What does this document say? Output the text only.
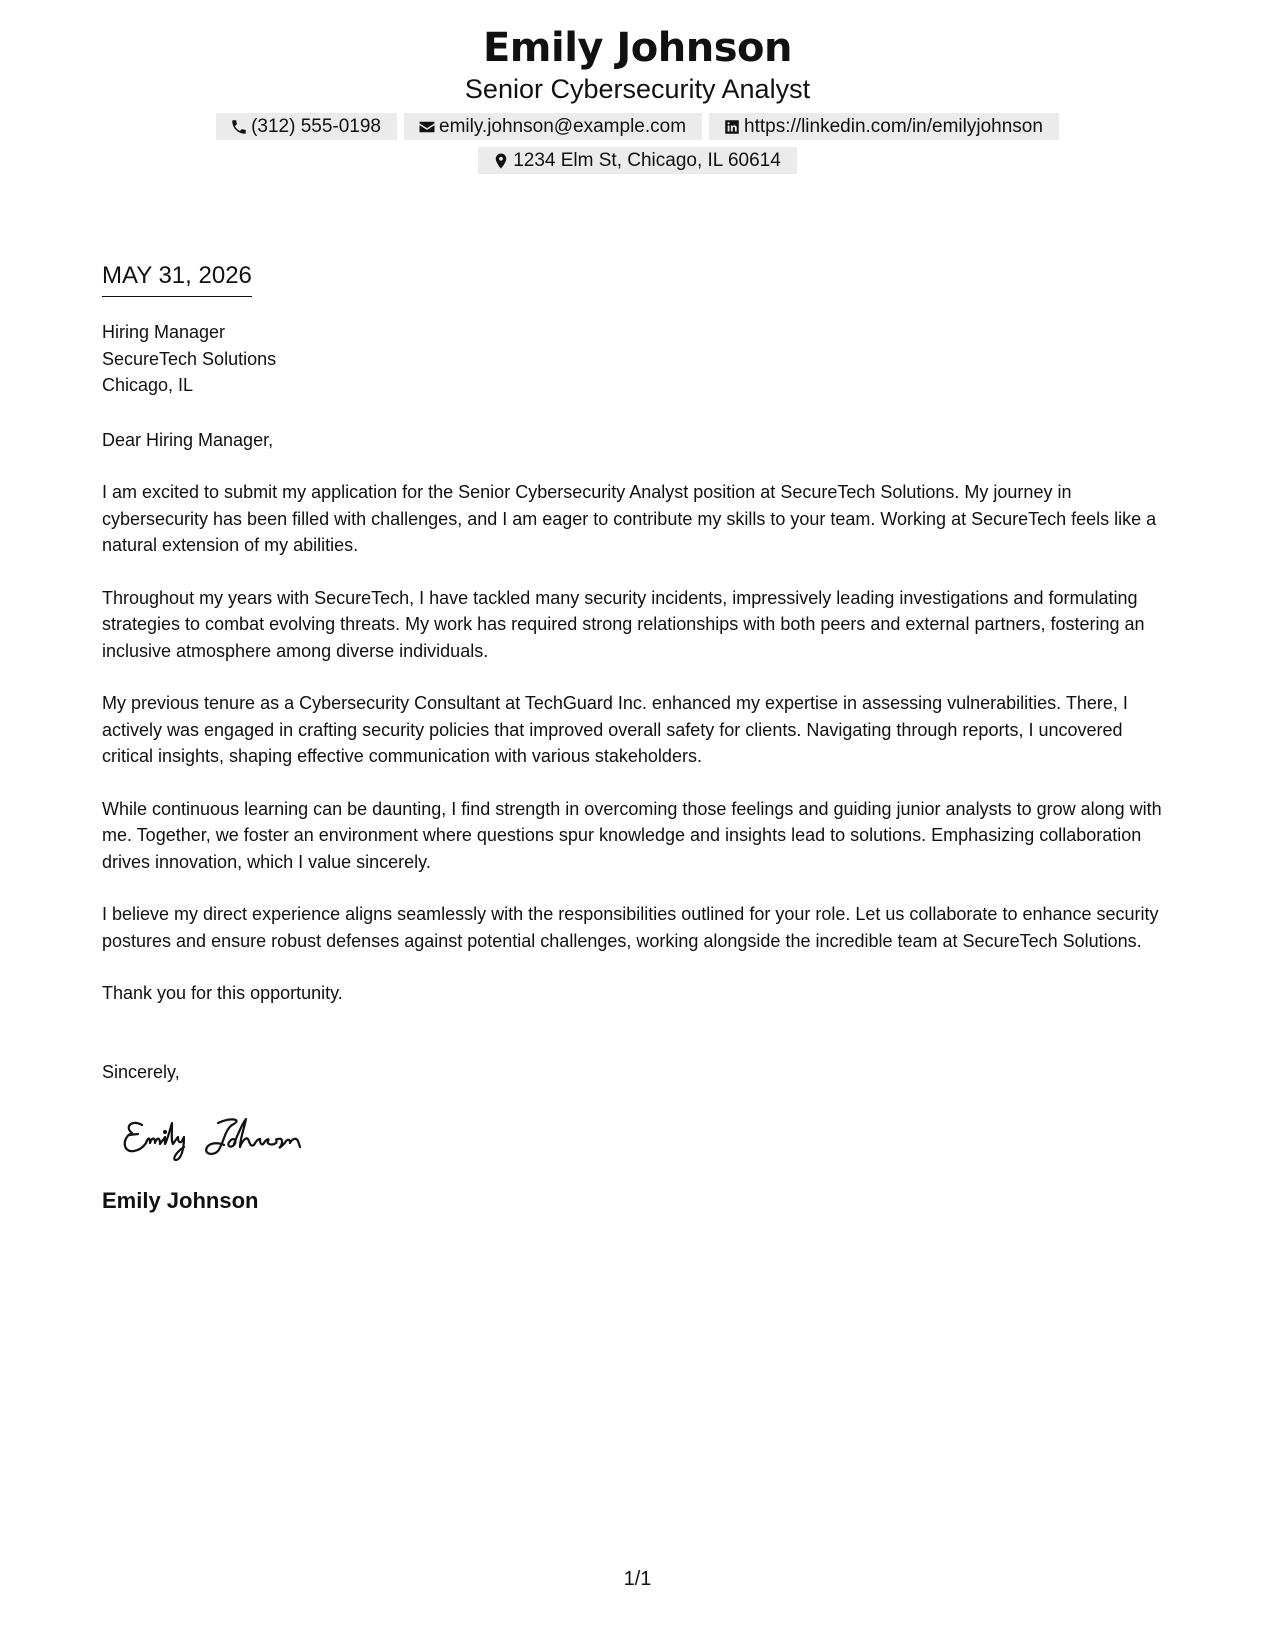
Emily Johnson
Senior Cybersecurity Analyst
(312) 555-0198	emily.johnson@example.com	https://linkedin.com/in/emilyjohnson
1234 Elm St, Chicago, IL 60614
MAY 31, 2026
Hiring Manager
SecureTech Solutions
Chicago, IL
Dear Hiring Manager,
I am excited to submit my application for the Senior Cybersecurity Analyst position at SecureTech Solutions. My journey in cybersecurity has been filled with challenges, and I am eager to contribute my skills to your team. Working at SecureTech feels like a natural extension of my abilities.
Throughout my years with SecureTech, I have tackled many security incidents, impressively leading investigations and formulating strategies to combat evolving threats. My work has required strong relationships with both peers and external partners, fostering an inclusive atmosphere among diverse individuals.
My previous tenure as a Cybersecurity Consultant at TechGuard Inc. enhanced my expertise in assessing vulnerabilities. There, I actively was engaged in crafting security policies that improved overall safety for clients. Navigating through reports, I uncovered critical insights, shaping effective communication with various stakeholders.
While continuous learning can be daunting, I find strength in overcoming those feelings and guiding junior analysts to grow along with me. Together, we foster an environment where questions spur knowledge and insights lead to solutions. Emphasizing collaboration drives innovation, which I value sincerely.
I believe my direct experience aligns seamlessly with the responsibilities outlined for your role. Let us collaborate to enhance security postures and ensure robust defenses against potential challenges, working alongside the incredible team at SecureTech Solutions.
Thank you for this opportunity.
Sincerely,
Emily Johnson
1/1
